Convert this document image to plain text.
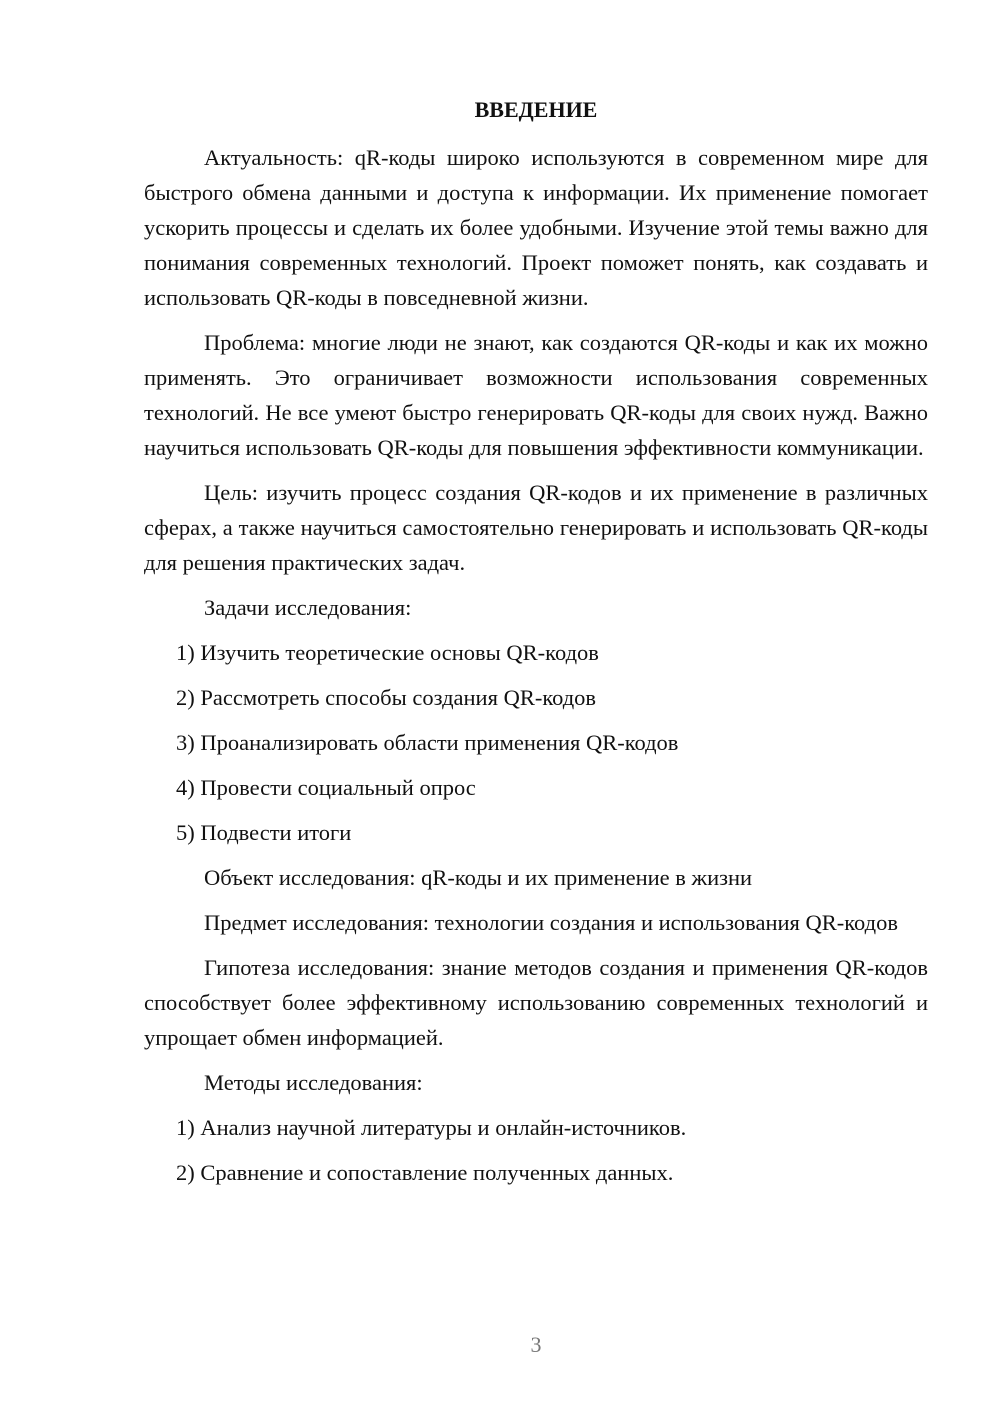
ВВЕДЕНИЕ

Актуальность: qR-коды широко используются в современном мире для быстрого обмена данными и доступа к информации. Их применение помогает ускорить процессы и сделать их более удобными. Изучение этой темы важно для понимания современных технологий. Проект поможет понять, как создавать и использовать QR-коды в повседневной жизни.

Проблема: многие люди не знают, как создаются QR-коды и как их можно применять. Это ограничивает возможности использования современных технологий. Не все умеют быстро генерировать QR-коды для своих нужд. Важно научиться использовать QR-коды для повышения эффективности коммуникации.

Цель: изучить процесс создания QR-кодов и их применение в различных сферах, а также научиться самостоятельно генерировать и использовать QR-коды для решения практических задач.

Задачи исследования:

1) Изучить теоретические основы QR-кодов

2) Рассмотреть способы создания QR-кодов

3) Проанализировать области применения QR-кодов

4) Провести социальный опрос

5) Подвести итоги

Объект исследования: qR-коды и их применение в жизни

Предмет исследования: технологии создания и использования QR-кодов

Гипотеза исследования: знание методов создания и применения QR-кодов способствует более эффективному использованию современных технологий и упрощает обмен информацией.

Методы исследования:

1) Анализ научной литературы и онлайн-источников.

2) Сравнение и сопоставление полученных данных.

3
